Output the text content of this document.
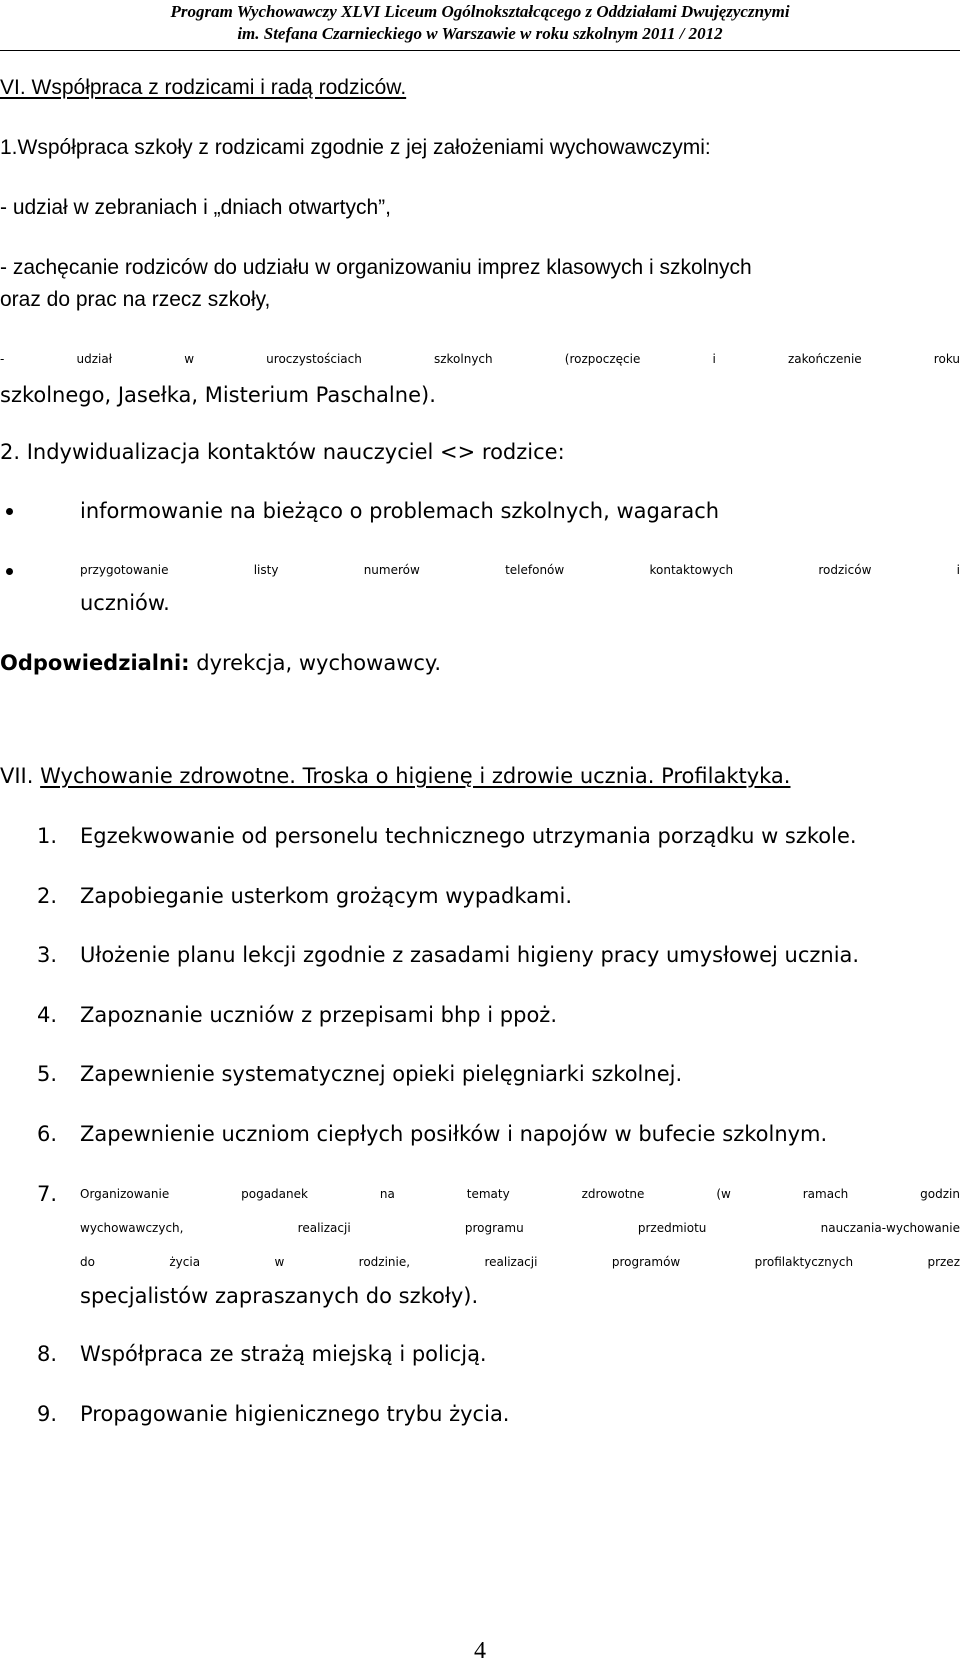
Program Wychowawczy XLVI Liceum Ogólnokształcącego z Oddziałami Dwujęzycznymi
im. Stefana Czarnieckiego w Warszawie w roku szkolnym 2011 / 2012
VI. Współpraca z rodzicami i radą rodziców.
1.Współpraca szkoły z rodzicami zgodnie z jej założeniami wychowawczymi:
- udział w zebraniach i „dniach otwartych”,
- zachęcanie rodziców do udziału w organizowaniu imprez klasowych i szkolnych
oraz do prac na rzecz szkoły,
- udział w uroczystościach szkolnych (rozpoczęcie i zakończenie roku
szkolnego, Jasełka, Misterium Paschalne).
2. Indywidualizacja kontaktów nauczyciel <> rodzice:
informowanie na bieżąco o problemach szkolnych, wagarach
przygotowanie listy numerów telefonów kontaktowych rodziców i
uczniów.
Odpowiedzialni: dyrekcja, wychowawcy.
VII. Wychowanie zdrowotne. Troska o higienę i zdrowie ucznia. Profilaktyka.
1. Egzekwowanie od personelu technicznego utrzymania porządku w szkole.
2. Zapobieganie usterkom grożącym wypadkami.
3. Ułożenie planu lekcji zgodnie z zasadami higieny pracy umysłowej ucznia.
4. Zapoznanie uczniów z przepisami bhp i ppoż.
5. Zapewnienie systematycznej opieki pielęgniarki szkolnej.
6. Zapewnienie uczniom ciepłych posiłków i napojów w bufecie szkolnym.
7. Organizowanie pogadanek na tematy zdrowotne (w ramach godzin
wychowawczych, realizacji programu przedmiotu nauczania-wychowanie
do życia w rodzinie, realizacji programów profilaktycznych przez
specjalistów zapraszanych do szkoły).
8. Współpraca ze strażą miejską i policją.
9. Propagowanie higienicznego trybu życia.
4
